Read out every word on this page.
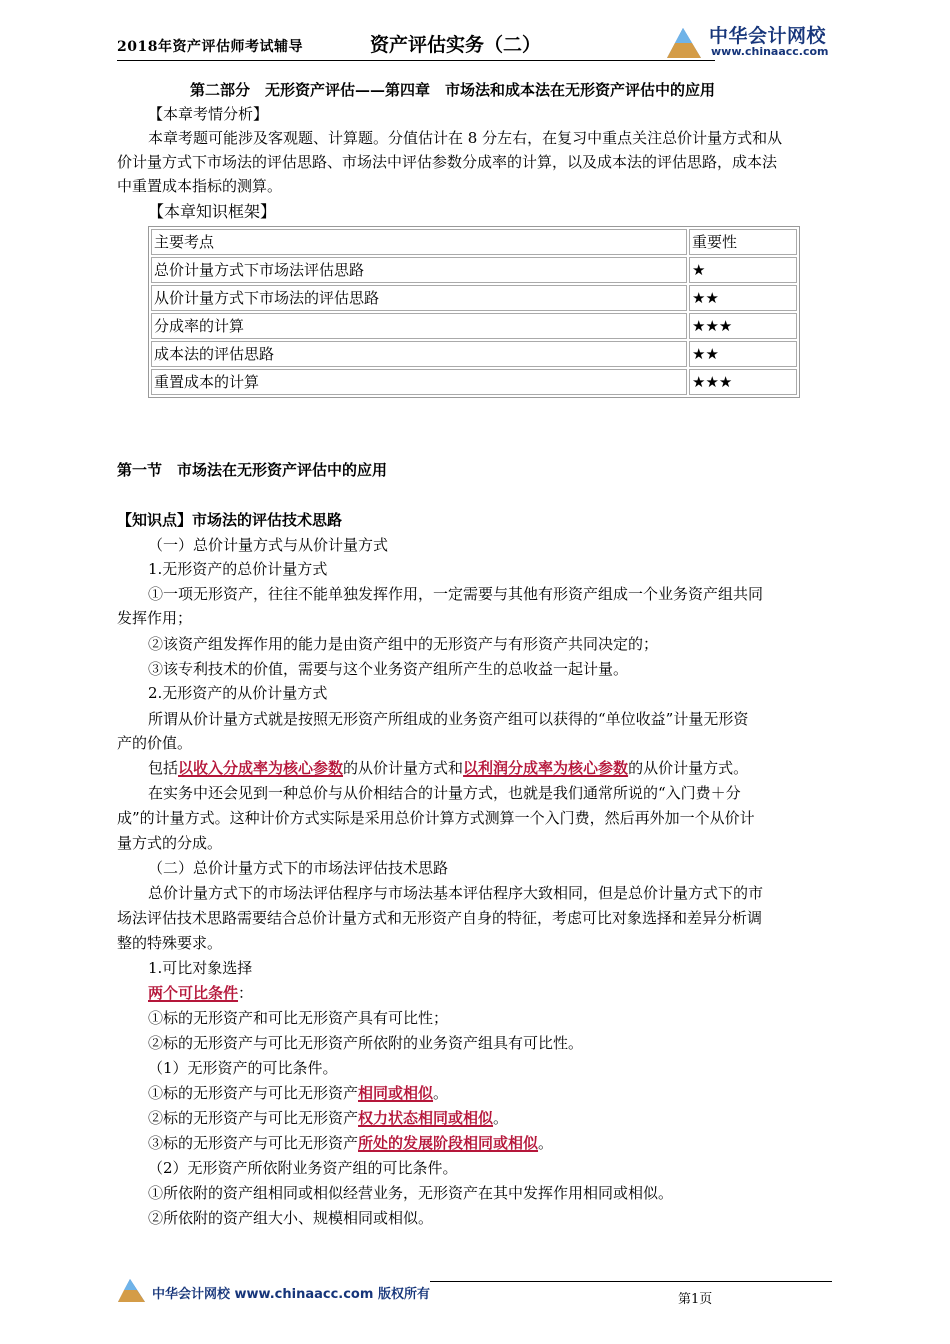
2018年资产评估师考试辅导	资产评估实务（二）	中华会计网校
www.chinaacc.com
第二部分　无形资产评估——第四章　市场法和成本法在无形资产评估中的应用
【本章考情分析】
本章考题可能涉及客观题、计算题。分值估计在 8 分左右，在复习中重点关注总价计量方式和从
价计量方式下市场法的评估思路、市场法中评估参数分成率的计算，以及成本法的评估思路，成本法
中重置成本指标的测算。
【本章知识框架】
主要考点	重要性
总价计量方式下市场法评估思路	★
从价计量方式下市场法的评估思路	★★
分成率的计算	★★★
成本法的评估思路	★★
重置成本的计算	★★★
第一节　市场法在无形资产评估中的应用
【知识点】市场法的评估技术思路
（一）总价计量方式与从价计量方式
1.无形资产的总价计量方式
①一项无形资产，往往不能单独发挥作用，一定需要与其他有形资产组成一个业务资产组共同
发挥作用；
②该资产组发挥作用的能力是由资产组中的无形资产与有形资产共同决定的；
③该专利技术的价值，需要与这个业务资产组所产生的总收益一起计量。
2.无形资产的从价计量方式
所谓从价计量方式就是按照无形资产所组成的业务资产组可以获得的“单位收益”计量无形资
产的价值。
包括以收入分成率为核心参数的从价计量方式和以利润分成率为核心参数的从价计量方式。
在实务中还会见到一种总价与从价相结合的计量方式，也就是我们通常所说的“入门费＋分
成”的计量方式。这种计价方式实际是采用总价计算方式测算一个入门费，然后再外加一个从价计
量方式的分成。
（二）总价计量方式下的市场法评估技术思路
总价计量方式下的市场法评估程序与市场法基本评估程序大致相同，但是总价计量方式下的市
场法评估技术思路需要结合总价计量方式和无形资产自身的特征，考虑可比对象选择和差异分析调
整的特殊要求。
1.可比对象选择
两个可比条件：
①标的无形资产和可比无形资产具有可比性；
②标的无形资产与可比无形资产所依附的业务资产组具有可比性。
（1）无形资产的可比条件。
①标的无形资产与可比无形资产相同或相似。
②标的无形资产与可比无形资产权力状态相同或相似。
③标的无形资产与可比无形资产所处的发展阶段相同或相似。
（2）无形资产所依附业务资产组的可比条件。
①所依附的资产组相同或相似经营业务，无形资产在其中发挥作用相同或相似。
②所依附的资产组大小、规模相同或相似。
中华会计网校 www.chinaacc.com 版权所有	第1页
